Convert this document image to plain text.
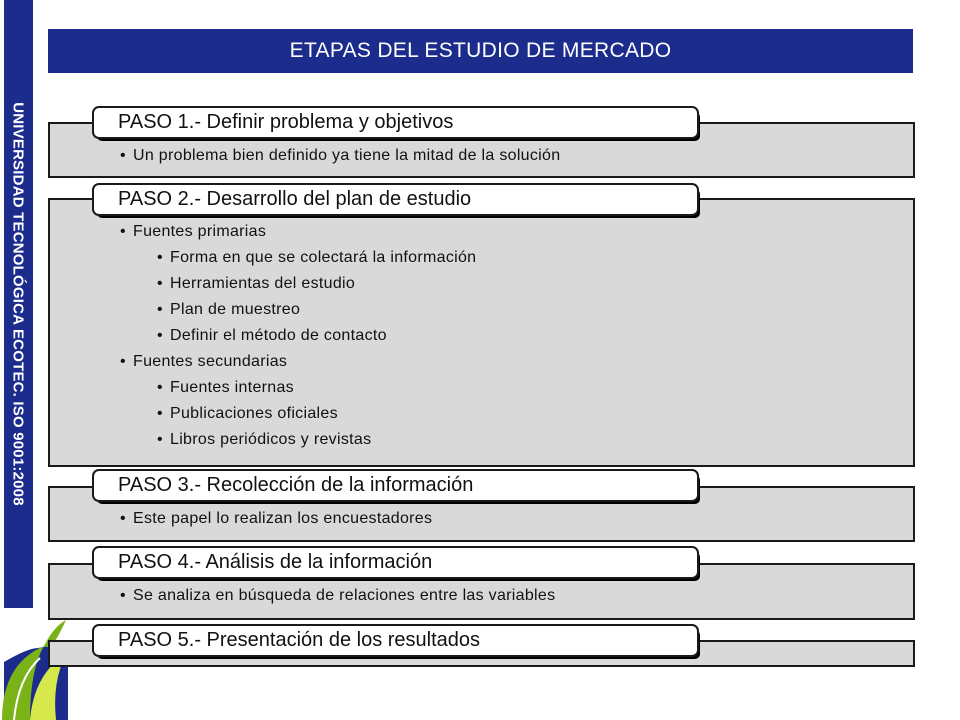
UNIVERSIDAD TECNOLÓGICA ECOTEC. ISO 9001:2008
ETAPAS DEL ESTUDIO DE MERCADO
PASO 1.- Definir problema y objetivos
• Un problema bien definido ya tiene la mitad de la solución
PASO 2.- Desarrollo del plan de estudio
• Fuentes primarias
• Forma en que se colectará la información
• Herramientas del estudio
• Plan de muestreo
• Definir el método de contacto
• Fuentes secundarias
• Fuentes internas
• Publicaciones oficiales
• Libros periódicos y revistas
PASO 3.- Recolección de la información
• Este papel lo realizan los encuestadores
PASO 4.- Análisis de la información
• Se analiza en búsqueda de relaciones entre las variables
PASO 5.- Presentación de los resultados
